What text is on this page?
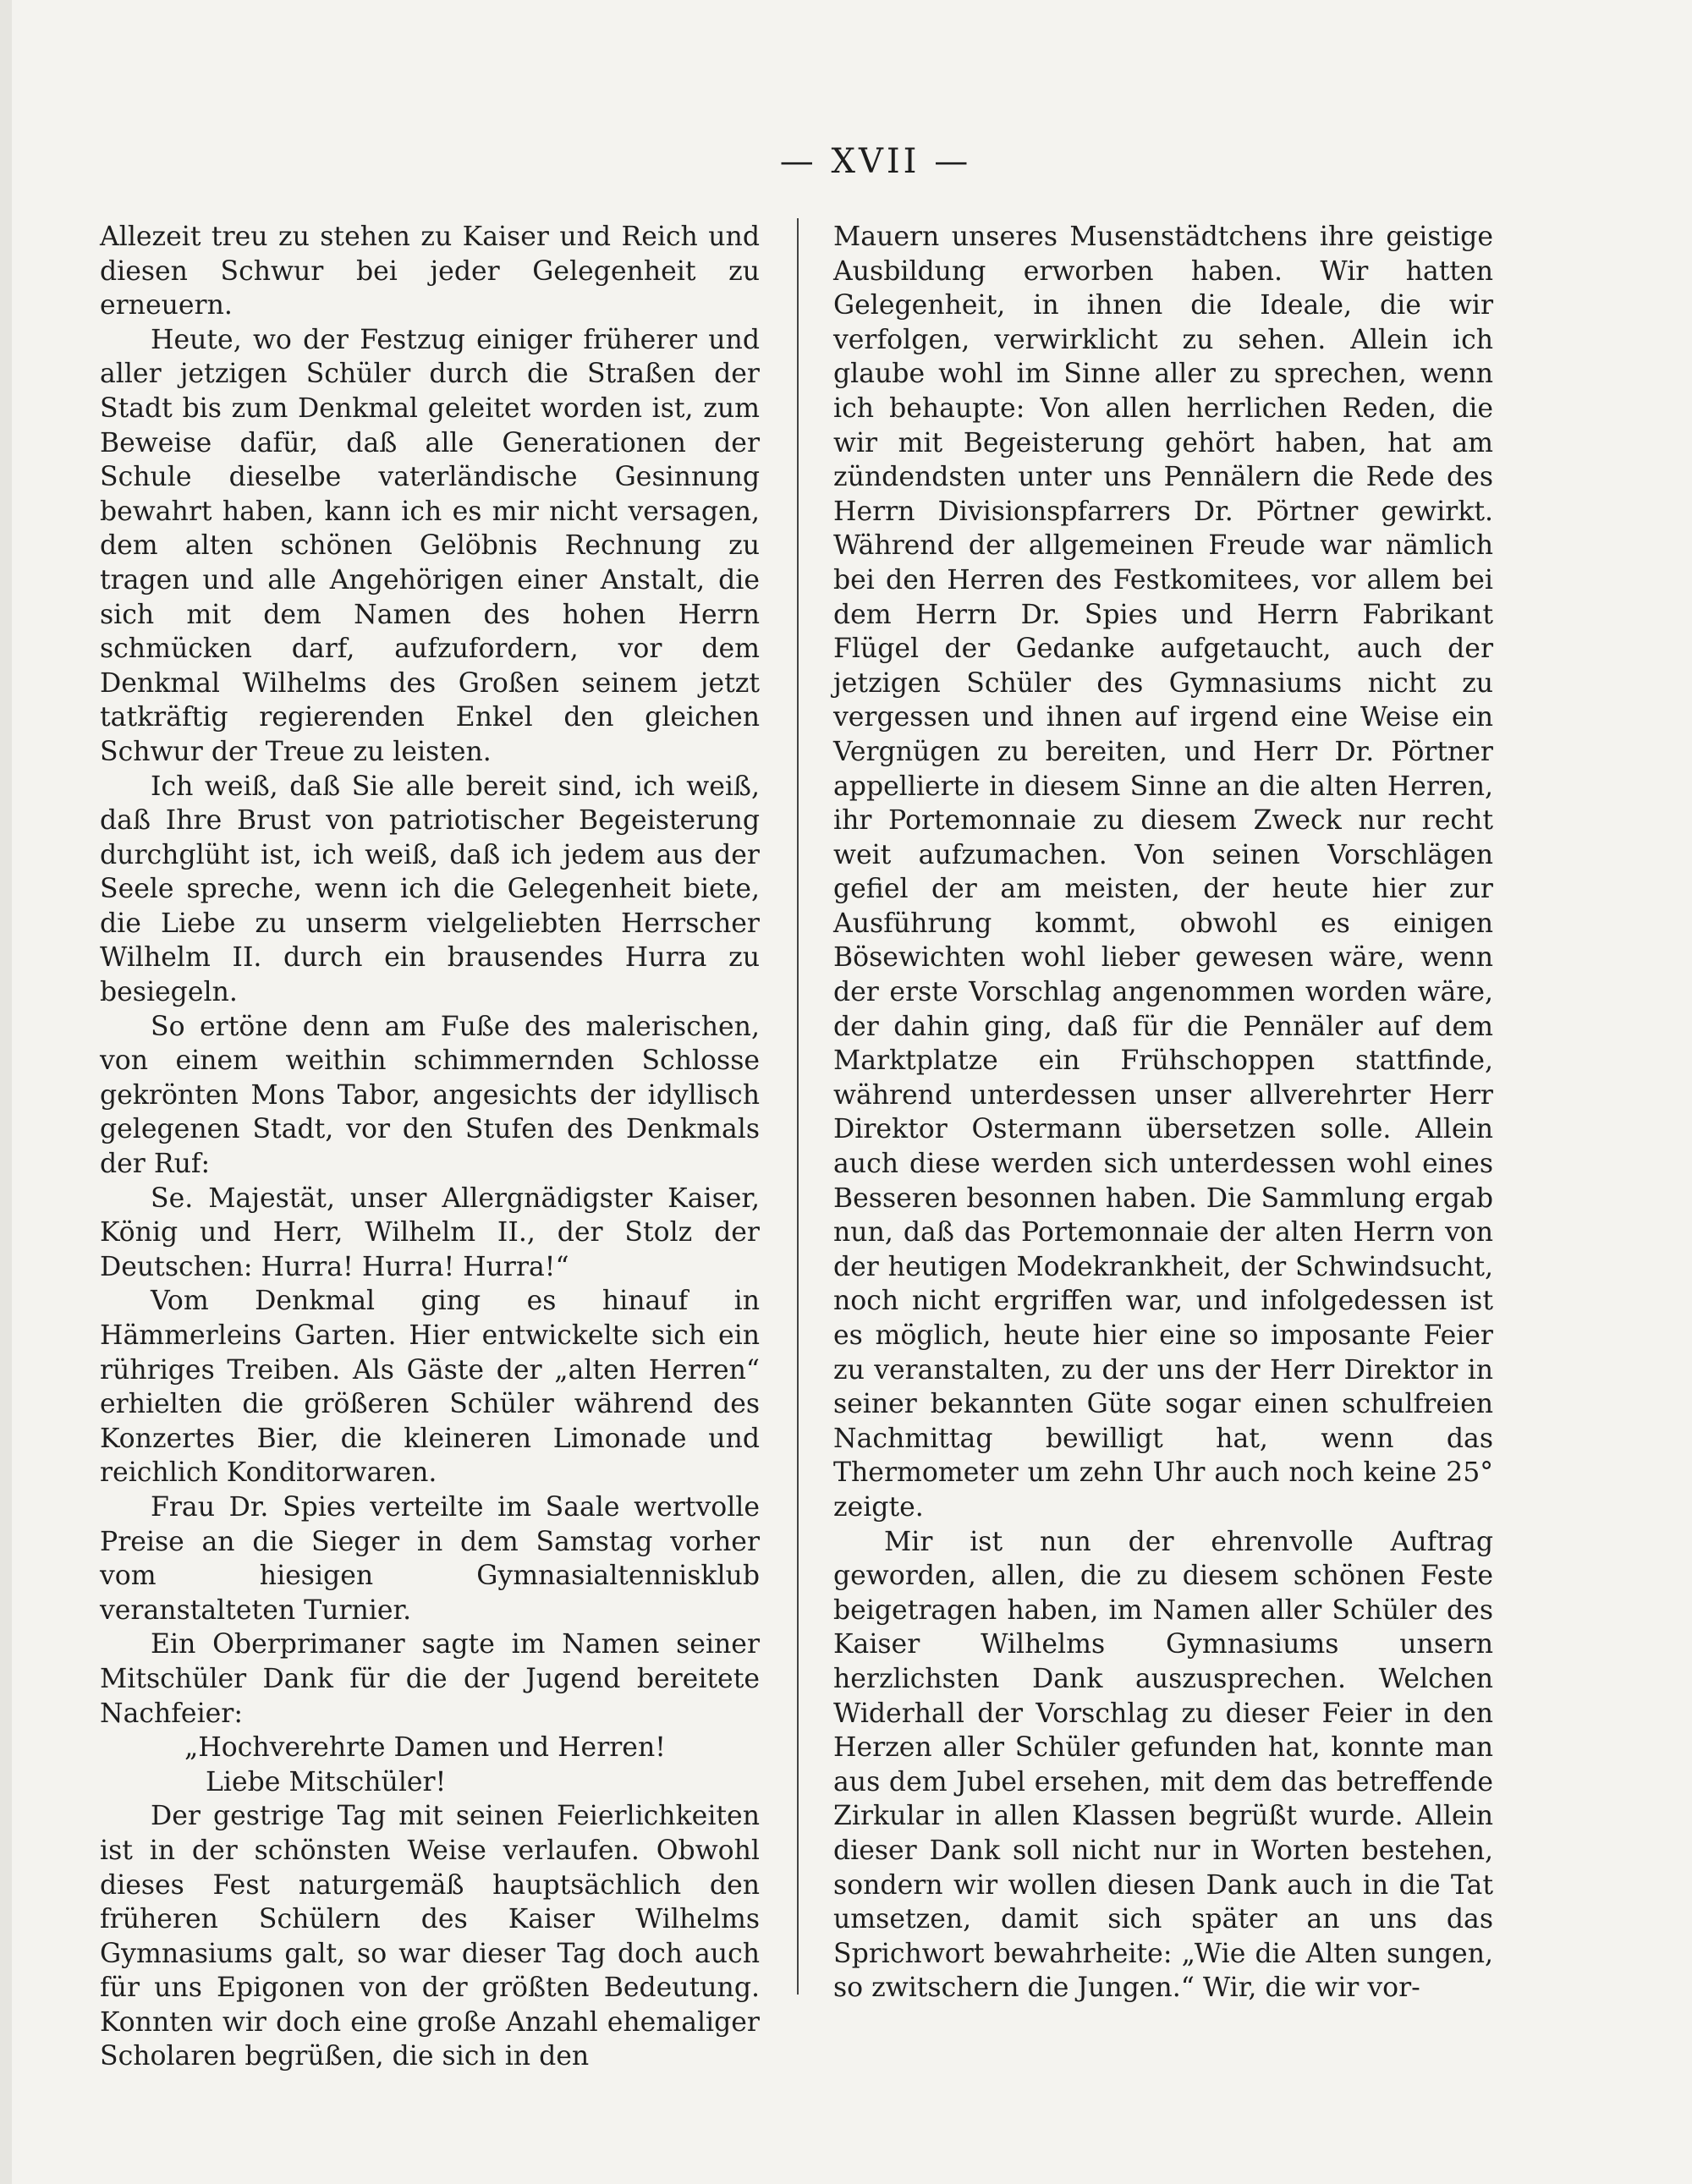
— XVII —

Allezeit treu zu stehen zu Kaiser und Reich und diesen Schwur bei jeder Gelegenheit zu erneuern.

Heute, wo der Festzug einiger früherer und aller jetzigen Schüler durch die Straßen der Stadt bis zum Denkmal geleitet worden ist, zum Beweise dafür, daß alle Generationen der Schule dieselbe vaterländische Gesinnung bewahrt haben, kann ich es mir nicht versagen, dem alten schönen Gelöbnis Rechnung zu tragen und alle Angehörigen einer Anstalt, die sich mit dem Namen des hohen Herrn schmücken darf, aufzufordern, vor dem Denkmal Wilhelms des Großen seinem jetzt tatkräftig regierenden Enkel den gleichen Schwur der Treue zu leisten.

Ich weiß, daß Sie alle bereit sind, ich weiß, daß Ihre Brust von patriotischer Begeisterung durchglüht ist, ich weiß, daß ich jedem aus der Seele spreche, wenn ich die Gelegenheit biete, die Liebe zu unserm vielgeliebten Herrscher Wilhelm II. durch ein brausendes Hurra zu besiegeln.

So ertöne denn am Fuße des malerischen, von einem weithin schimmernden Schlosse gekrönten Mons Tabor, angesichts der idyllisch gelegenen Stadt, vor den Stufen des Denkmals der Ruf:

Se. Majestät, unser Allergnädigster Kaiser, König und Herr, Wilhelm II., der Stolz der Deutschen: Hurra! Hurra! Hurra!“

Vom Denkmal ging es hinauf in Hämmerleins Garten. Hier entwickelte sich ein rühriges Treiben. Als Gäste der „alten Herren“ erhielten die größeren Schüler während des Konzertes Bier, die kleineren Limonade und reichlich Konditorwaren.

Frau Dr. Spies verteilte im Saale wertvolle Preise an die Sieger in dem Samstag vorher vom hiesigen Gymnasialtennisklub veranstalteten Turnier.

Ein Oberprimaner sagte im Namen seiner Mitschüler Dank für die der Jugend bereitete Nachfeier:

„Hochverehrte Damen und Herren!

Liebe Mitschüler!

Der gestrige Tag mit seinen Feierlichkeiten ist in der schönsten Weise verlaufen. Obwohl dieses Fest naturgemäß hauptsächlich den früheren Schülern des Kaiser Wilhelms Gymnasiums galt, so war dieser Tag doch auch für uns Epigonen von der größten Bedeutung. Konnten wir doch eine große Anzahl ehemaliger Scholaren begrüßen, die sich in den

Mauern unseres Musenstädtchens ihre geistige Ausbildung erworben haben. Wir hatten Gelegenheit, in ihnen die Ideale, die wir verfolgen, verwirklicht zu sehen. Allein ich glaube wohl im Sinne aller zu sprechen, wenn ich behaupte: Von allen herrlichen Reden, die wir mit Begeisterung gehört haben, hat am zündendsten unter uns Pennälern die Rede des Herrn Divisionspfarrers Dr. Pörtner gewirkt. Während der allgemeinen Freude war nämlich bei den Herren des Festkomitees, vor allem bei dem Herrn Dr. Spies und Herrn Fabrikant Flügel der Gedanke aufgetaucht, auch der jetzigen Schüler des Gymnasiums nicht zu vergessen und ihnen auf irgend eine Weise ein Vergnügen zu bereiten, und Herr Dr. Pörtner appellierte in diesem Sinne an die alten Herren, ihr Portemonnaie zu diesem Zweck nur recht weit aufzumachen. Von seinen Vorschlägen gefiel der am meisten, der heute hier zur Ausführung kommt, obwohl es einigen Bösewichten wohl lieber gewesen wäre, wenn der erste Vorschlag angenommen worden wäre, der dahin ging, daß für die Pennäler auf dem Marktplatze ein Frühschoppen stattfinde, während unterdessen unser allverehrter Herr Direktor Ostermann übersetzen solle. Allein auch diese werden sich unterdessen wohl eines Besseren besonnen haben. Die Sammlung ergab nun, daß das Portemonnaie der alten Herrn von der heutigen Modekrankheit, der Schwindsucht, noch nicht ergriffen war, und infolgedessen ist es möglich, heute hier eine so imposante Feier zu veranstalten, zu der uns der Herr Direktor in seiner bekannten Güte sogar einen schulfreien Nachmittag bewilligt hat, wenn das Thermometer um zehn Uhr auch noch keine 25° zeigte.

Mir ist nun der ehrenvolle Auftrag geworden, allen, die zu diesem schönen Feste beigetragen haben, im Namen aller Schüler des Kaiser Wilhelms Gymnasiums unsern herzlichsten Dank auszusprechen. Welchen Widerhall der Vorschlag zu dieser Feier in den Herzen aller Schüler gefunden hat, konnte man aus dem Jubel ersehen, mit dem das betreffende Zirkular in allen Klassen begrüßt wurde. Allein dieser Dank soll nicht nur in Worten bestehen, sondern wir wollen diesen Dank auch in die Tat umsetzen, damit sich später an uns das Sprichwort bewahrheite: „Wie die Alten sungen, so zwitschern die Jungen.“ Wir, die wir vor-
